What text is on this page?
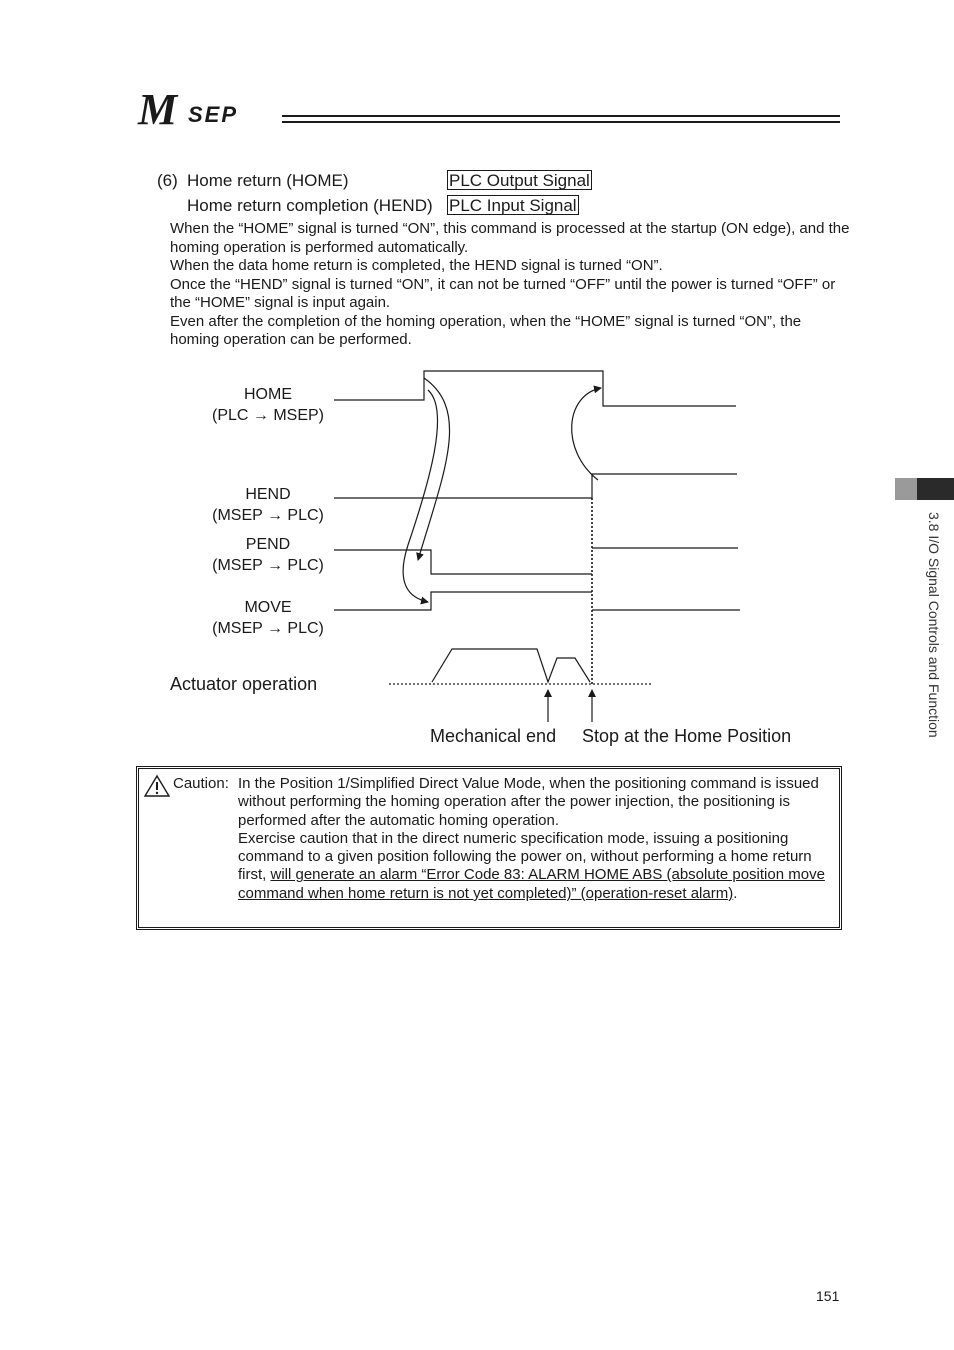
M SEP
3.8 I/O Signal Controls and Function
(6) Home return (HOME)	PLC Output Signal
Home return completion (HEND) PLC Input Signal

When the “HOME” signal is turned “ON”, this command is processed at the startup (ON edge), and the homing operation is performed automatically.

When the data home return is completed, the HEND signal is turned “ON”.

Once the “HEND” signal is turned “ON”, it can not be turned “OFF” until the power is turned “OFF” or the “HOME” signal is input again.

Even after the completion of the homing operation, when the “HOME” signal is turned “ON”, the homing operation can be performed.

HOME
(PLC → MSEP)
HEND
(MSEP → PLC)
PEND
(MSEP → PLC)
MOVE
(MSEP → PLC)
Actuator operation
Mechanical end Stop at the Home Position
Caution: In the Position 1/Simplified Direct Value Mode, when the positioning command is issued without performing the homing operation after the power injection, the positioning is performed after the automatic homing operation.

Exercise caution that in the direct numeric specification mode, issuing a positioning command to a given position following the power on, without performing a home return first, will generate an alarm “Error Code 83: ALARM HOME ABS (absolute position move command when home return is not yet completed)” (operation-reset alarm).

151
